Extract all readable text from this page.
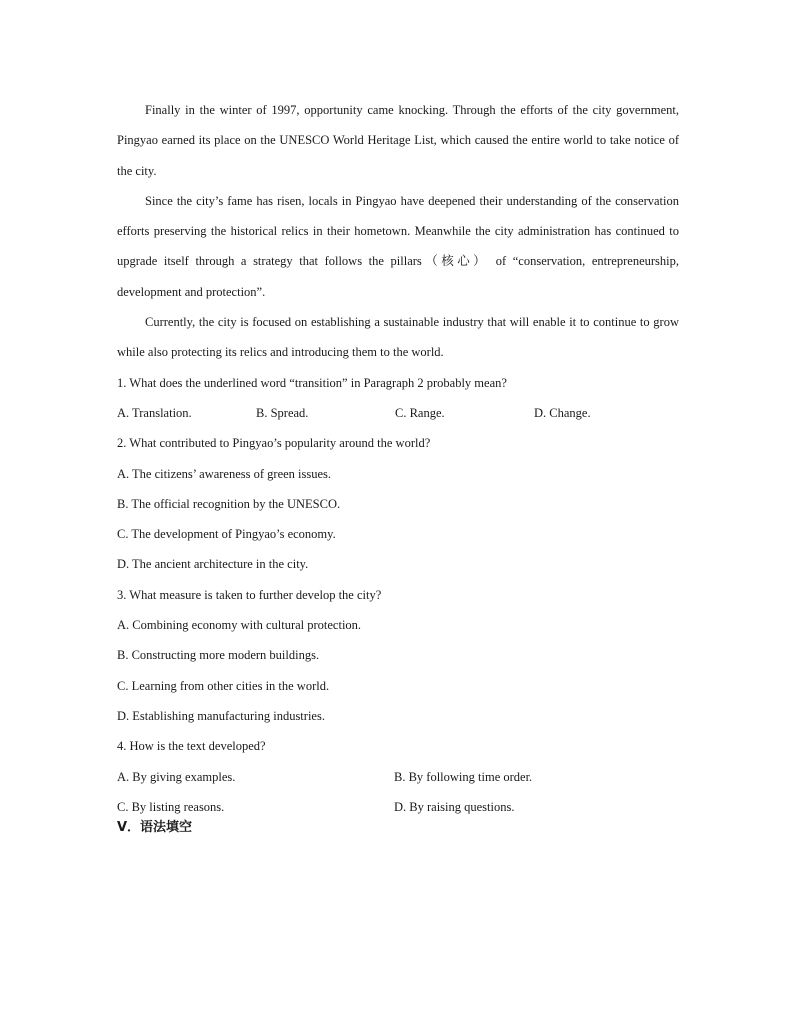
Finally in the winter of 1997, opportunity came knocking. Through the efforts of the city government, Pingyao earned its place on the UNESCO World Heritage List, which caused the entire world to take notice of the city.

Since the city’s fame has risen, locals in Pingyao have deepened their understanding of the conservation efforts preserving the historical relics in their hometown. Meanwhile the city administration has continued to upgrade itself through a strategy that follows the pillars（核心） of “conservation, entrepreneurship, development and protection”.

Currently, the city is focused on establishing a sustainable industry that will enable it to continue to grow while also protecting its relics and introducing them to the world.

1. What does the underlined word “transition” in Paragraph 2 probably mean?
A. Translation.	B. Spread.	C. Range.	D. Change.
2. What contributed to Pingyao’s popularity around the world?
A. The citizens’ awareness of green issues.
B. The official recognition by the UNESCO.
C. The development of Pingyao’s economy.
D. The ancient architecture in the city.
3. What measure is taken to further develop the city?
A. Combining economy with cultural protection.
B. Constructing more modern buildings.
C. Learning from other cities in the world.
D. Establishing manufacturing industries.
4. How is the text developed?
A. By giving examples.	B. By following time order.
C. By listing reasons.	D. By raising questions.
V．语法填空
